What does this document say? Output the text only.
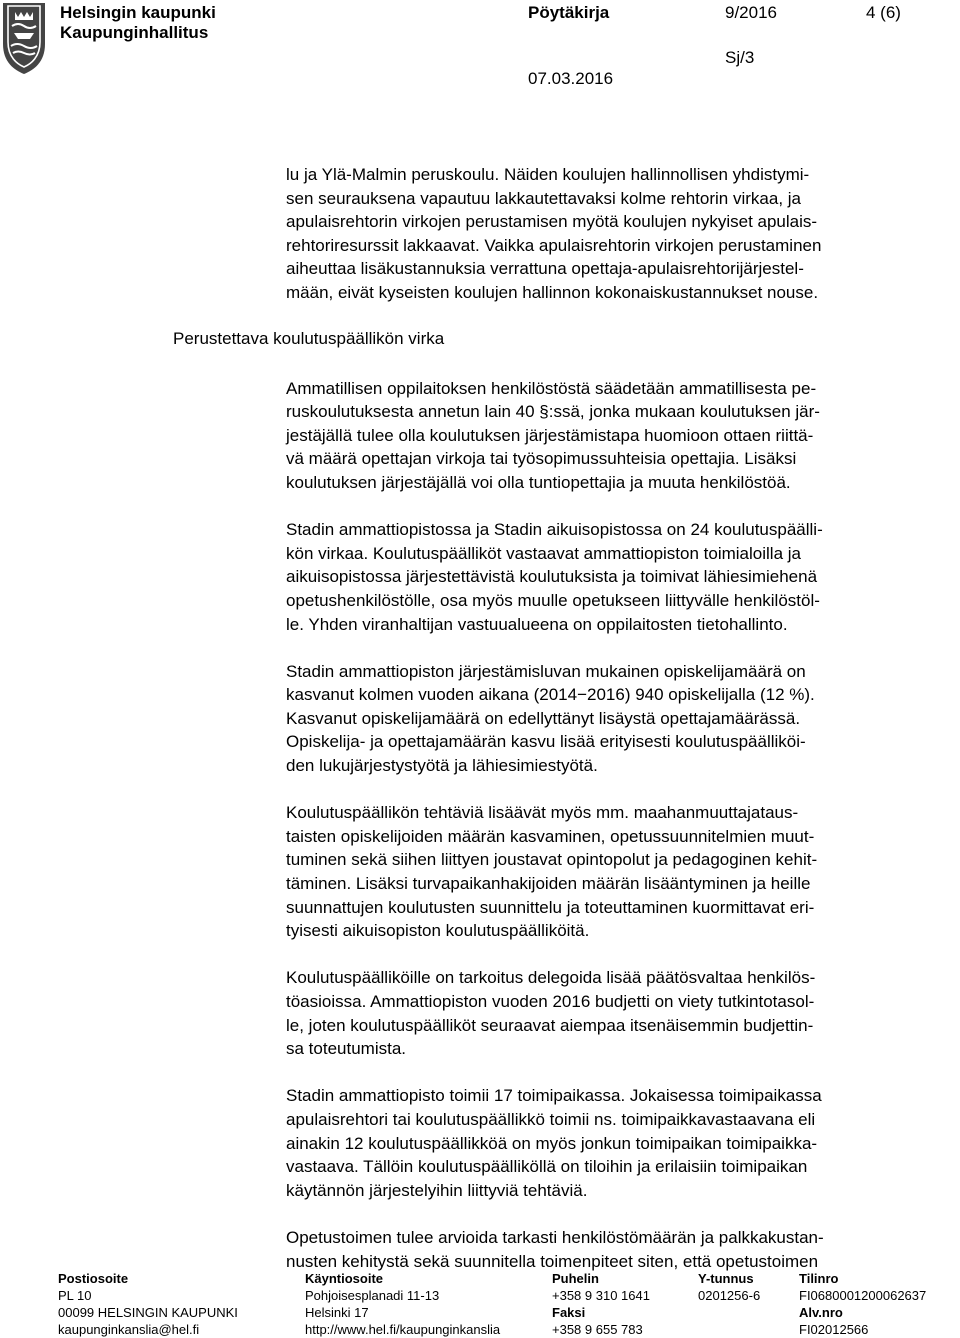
Helsingin kaupunki
Kaupunginhallitus
Pöytäkirja	9/2016	4 (6)
Sj/3
07.03.2016
Perustettava koulutuspäällikön virka

lu ja Ylä-Malmin peruskoulu. Näiden koulujen hallinnollisen yhdistymi-
sen seurauksena vapautuu lakkautettavaksi kolme rehtorin virkaa, ja
apulaisrehtorin virkojen perustamisen myötä koulujen nykyiset apulais-
rehtoriresurssit lakkaavat. Vaikka apulaisrehtorin virkojen perustaminen
aiheuttaa lisäkustannuksia verrattuna opettaja-apulaisrehtorijärjestel-
mään, eivät kyseisten koulujen hallinnon kokonaiskustannukset nouse.

Ammatillisen oppilaitoksen henkilöstöstä säädetään ammatillisesta pe-
ruskoulutuksesta annetun lain 40 §:ssä, jonka mukaan koulutuksen jär-
jestäjällä tulee olla koulutuksen järjestämistapa huomioon ottaen riittä-
vä määrä opettajan virkoja tai työsopimussuhteisia opettajia. Lisäksi
koulutuksen järjestäjällä voi olla tuntiopettajia ja muuta henkilöstöä.

Stadin ammattiopistossa ja Stadin aikuisopistossa on 24 koulutuspäälli-
kön virkaa. Koulutuspäälliköt vastaavat ammattiopiston toimialoilla ja
aikuisopistossa järjestettävistä koulutuksista ja toimivat lähiesimiehenä
opetushenkilöstölle, osa myös muulle opetukseen liittyvälle henkilöstöl-
le. Yhden viranhaltijan vastuualueena on oppilaitosten tietohallinto.

Stadin ammattiopiston järjestämisluvan mukainen opiskelijamäärä on
kasvanut kolmen vuoden aikana (2014−2016) 940 opiskelijalla (12 %).
Kasvanut opiskelijamäärä on edellyttänyt lisäystä opettajamäärässä.
Opiskelija- ja opettajamäärän kasvu lisää erityisesti koulutuspäälliköi-
den lukujärjestystyötä ja lähiesimiestyötä.

Koulutuspäällikön tehtäviä lisäävät myös mm. maahanmuuttajataus-
taisten opiskelijoiden määrän kasvaminen, opetussuunnitelmien muut-
tuminen sekä siihen liittyen joustavat opintopolut ja pedagoginen kehit-
täminen. Lisäksi turvapaikanhakijoiden määrän lisääntyminen ja heille
suunnattujen koulutusten suunnittelu ja toteuttaminen kuormittavat eri-
tyisesti aikuisopiston koulutuspäälliköitä.

Koulutuspäälliköille on tarkoitus delegoida lisää päätösvaltaa henkilös-
töasioissa. Ammattiopiston vuoden 2016 budjetti on viety tutkintotasol-
le, joten koulutuspäälliköt seuraavat aiempaa itsenäisemmin budjettin-
sa toteutumista.

Stadin ammattiopisto toimii 17 toimipaikassa. Jokaisessa toimipaikassa
apulaisrehtori tai koulutuspäällikkö toimii ns. toimipaikkavastaavana eli
ainakin 12 koulutuspäällikköä on myös jonkun toimipaikan toimipaikka-
vastaava. Tällöin koulutuspäälliköllä on tiloihin ja erilaisiin toimipaikan
käytännön järjestelyihin liittyviä tehtäviä.

Opetustoimen tulee arvioida tarkasti henkilöstömäärän ja palkkakustan-
nusten kehitystä sekä suunnitella toimenpiteet siten, että opetustoimen

Postiosoite
PL 10
00099 HELSINGIN KAUPUNKI
kaupunginkanslia@hel.fi
Käyntiosoite
Pohjoisesplanadi 11-13
Helsinki 17
http://www.hel.fi/kaupunginkanslia
Puhelin
+358 9 310 1641
Faksi
+358 9 655 783
Y-tunnus
0201256-6
Tilinro
FI0680001200062637
Alv.nro
FI02012566
